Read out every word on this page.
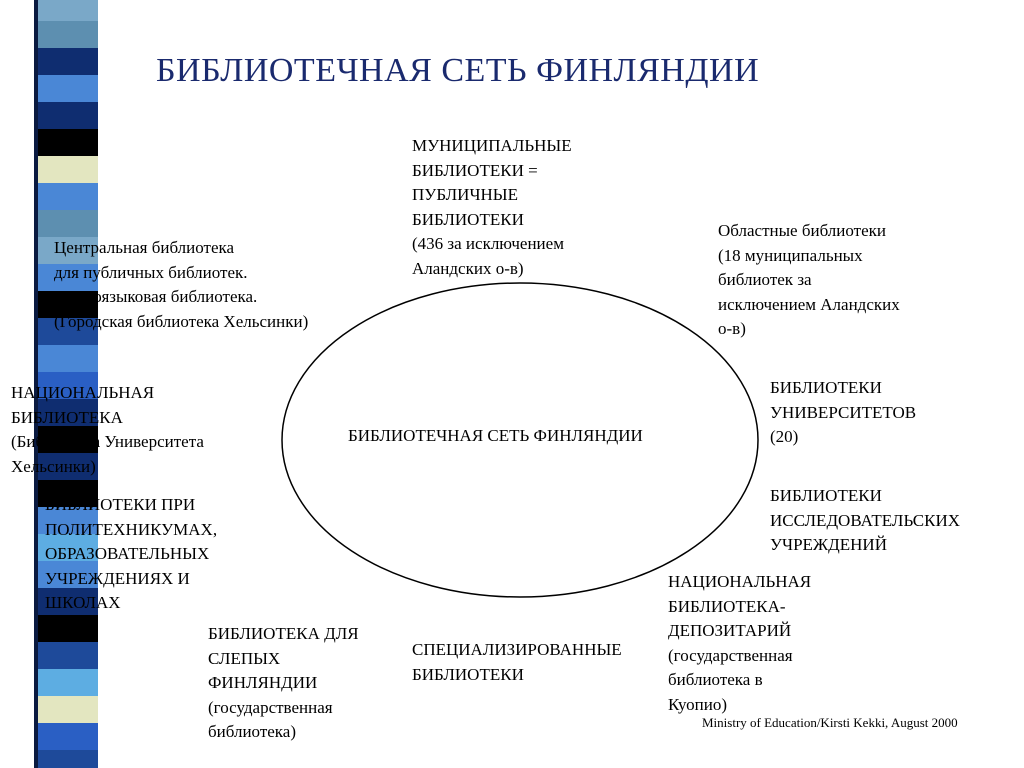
БИБЛИОТЕЧНАЯ СЕТЬ ФИНЛЯНДИИ
БИБЛИОТЕЧНАЯ СЕТЬ ФИНЛЯНДИИ
МУНИЦИПАЛЬНЫЕ
БИБЛИОТЕКИ =
ПУБЛИЧНЫЕ
БИБЛИОТЕКИ
(436 за исключением
Аландских о-в)
Областные библиотеки
(18 муниципальных
библиотек за
исключением Аландских
о-в)
Центральная библиотека
для публичных библиотек.
Многоязыковая библиотека.
(Городская библиотека Хельсинки)
НАЦИОНАЛЬНАЯ
БИБЛИОТЕКА
(Библиотека Университета
Хельсинки)
БИБЛИОТЕКИ
УНИВЕРСИТЕТОВ
(20)
БИБЛИОТЕКИ
ИССЛЕДОВАТЕЛЬСКИХ
УЧРЕЖДЕНИЙ
БИБЛИОТЕКИ ПРИ
ПОЛИТЕХНИКУМАХ,
ОБРАЗОВАТЕЛЬНЫХ
УЧРЕЖДЕНИЯХ И
ШКОЛАХ
НАЦИОНАЛЬНАЯ
БИБЛИОТЕКА-
ДЕПОЗИТАРИЙ
(государственная
библиотека в
Куопио)
БИБЛИОТЕКА ДЛЯ
СЛЕПЫХ
ФИНЛЯНДИИ
(государственная
библиотека)
СПЕЦИАЛИЗИРОВАННЫЕ
БИБЛИОТЕКИ
Ministry of Education/Kirsti Kekki, August 2000
